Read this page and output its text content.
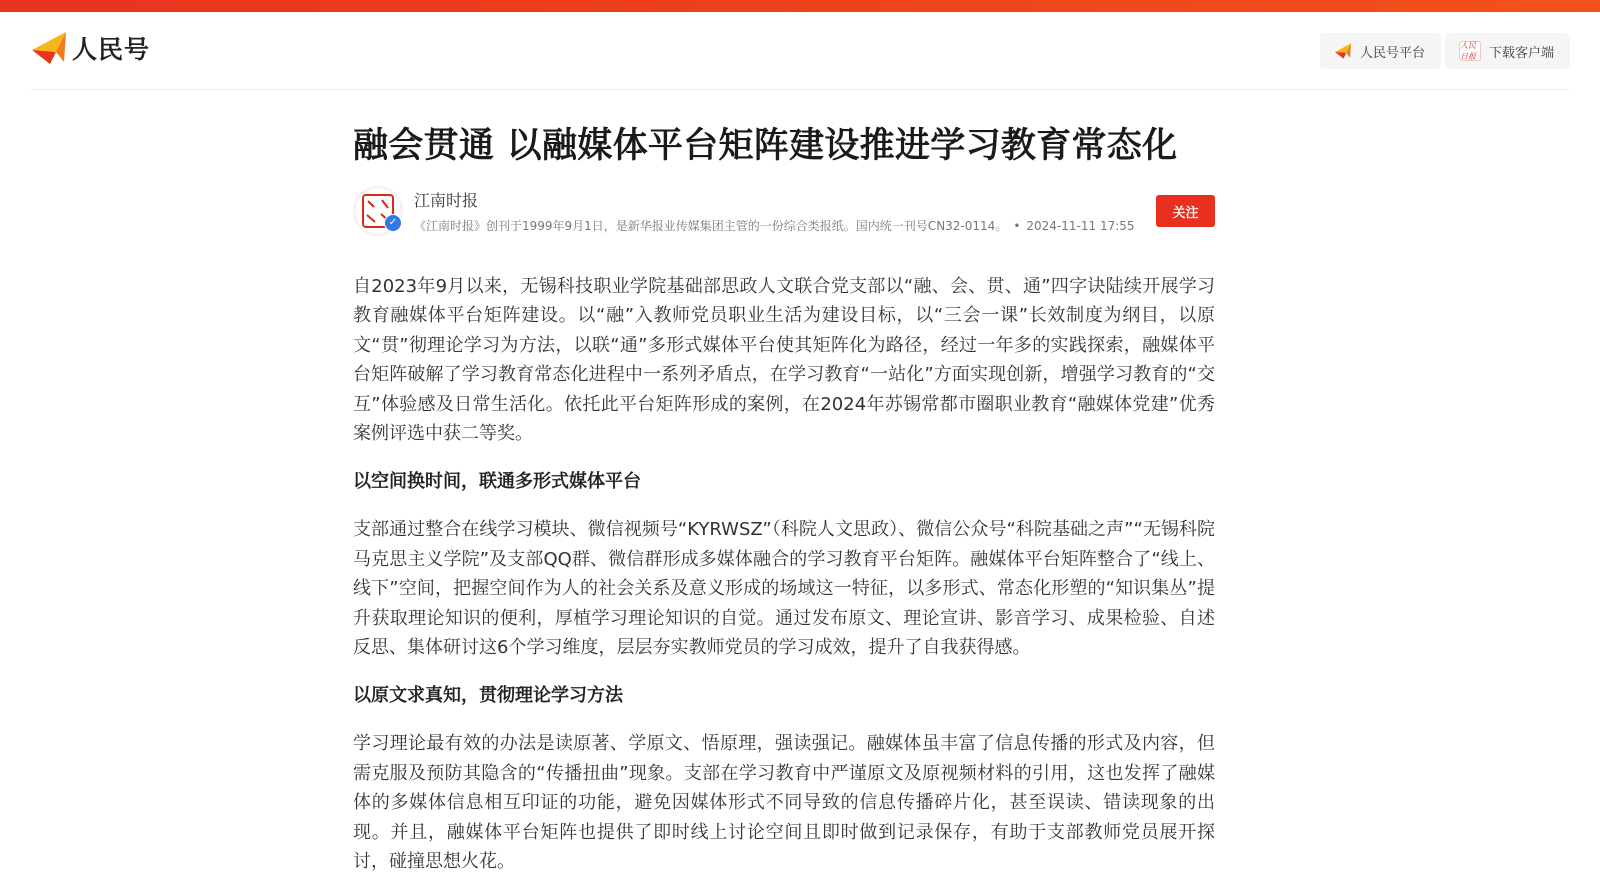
人民号	人民号平台	人民日报	下载客户端
融会贯通 以融媒体平台矩阵建设推进学习教育常态化
✓
江南时报
《江南时报》创刊于1999年9月1日，是新华报业传媒集团主管的一份综合类报纸。国内统一刊号CN32-0114。 • 2024-11-11 17:55
关注

自2023年9月以来，无锡科技职业学院基础部思政人文联合党支部以“融、会、贯、通”四字诀陆续开展学习教育融媒体平台矩阵建设。以“融”入教师党员职业生活为建设目标，以“三会一课”长效制度为纲目，以原文“贯”彻理论学习为方法，以联“通”多形式媒体平台使其矩阵化为路径，经过一年多的实践探索，融媒体平台矩阵破解了学习教育常态化进程中一系列矛盾点，在学习教育“一站化”方面实现创新，增强学习教育的“交互”体验感及日常生活化。依托此平台矩阵形成的案例，在2024年苏锡常都市圈职业教育“融媒体党建”优秀案例评选中获二等奖。

以空间换时间，联通多形式媒体平台

支部通过整合在线学习模块、微信视频号“KYRWSZ”（科院人文思政）、微信公众号“科院基础之声”“无锡科院马克思主义学院”及支部QQ群、微信群形成多媒体融合的学习教育平台矩阵。融媒体平台矩阵整合了“线上、线下”空间，把握空间作为人的社会关系及意义形成的场域这一特征，以多形式、常态化形塑的“知识集丛”提升获取理论知识的便利，厚植学习理论知识的自觉。通过发布原文、理论宣讲、影音学习、成果检验、自述反思、集体研讨这6个学习维度，层层夯实教师党员的学习成效，提升了自我获得感。

以原文求真知，贯彻理论学习方法

学习理论最有效的办法是读原著、学原文、悟原理，强读强记。融媒体虽丰富了信息传播的形式及内容，但需克服及预防其隐含的“传播扭曲”现象。支部在学习教育中严谨原文及原视频材料的引用，这也发挥了融媒体的多媒体信息相互印证的功能，避免因媒体形式不同导致的信息传播碎片化，甚至误读、错读现象的出现。并且，融媒体平台矩阵也提供了即时线上讨论空间且即时做到记录保存，有助于支部教师党员展开探讨，碰撞思想火花。
